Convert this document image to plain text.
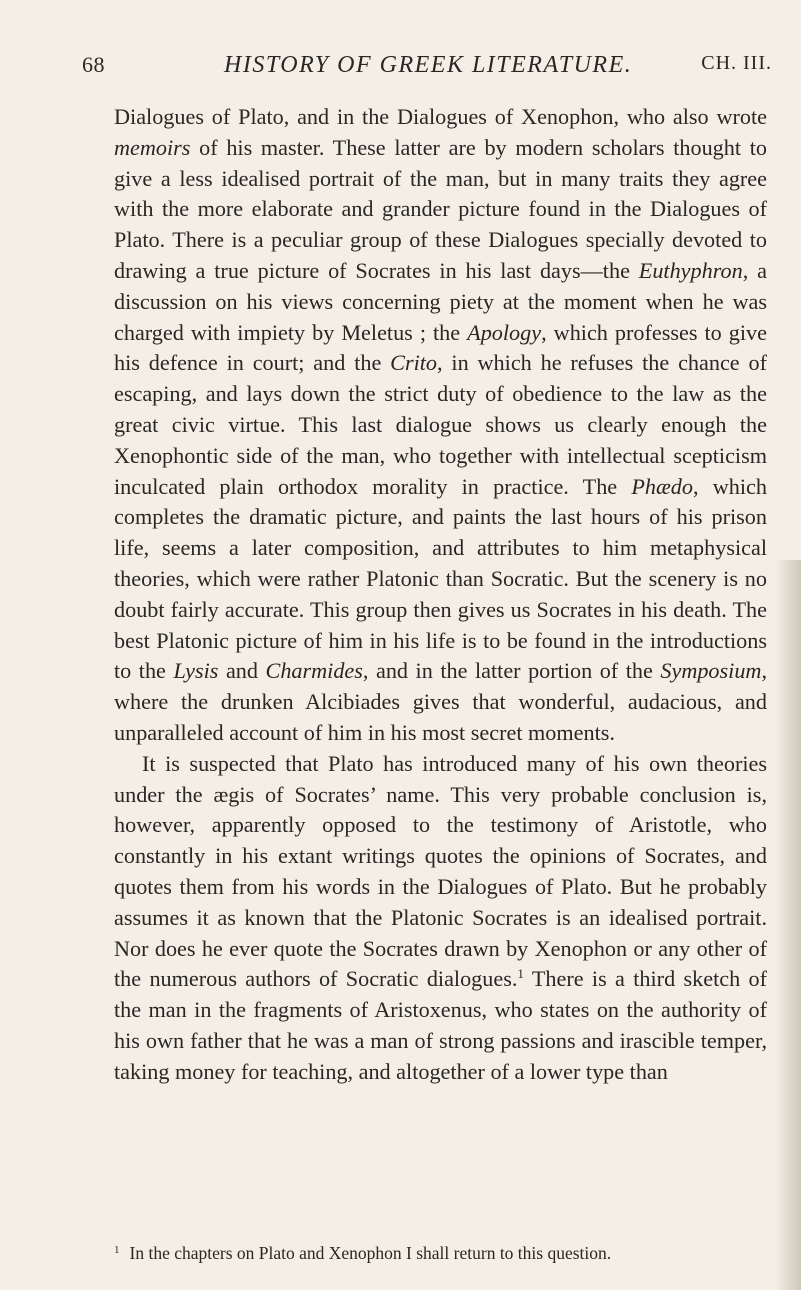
68	HISTORY OF GREEK LITERATURE.	CH. III.

Dialogues of Plato, and in the Dialogues of Xenophon, who also wrote memoirs of his master. These latter are by modern scholars thought to give a less idealised portrait of the man, but in many traits they agree with the more elaborate and grander picture found in the Dialogues of Plato. There is a peculiar group of these Dialogues specially devoted to drawing a true picture of Socrates in his last days—the Euthyphron, a discussion on his views concerning piety at the moment when he was charged with impiety by Meletus ; the Apology, which professes to give his defence in court; and the Crito, in which he refuses the chance of escaping, and lays down the strict duty of obedience to the law as the great civic virtue. This last dialogue shows us clearly enough the Xenophontic side of the man, who together with intellectual scepticism inculcated plain orthodox morality in practice. The Phædo, which completes the dramatic picture, and paints the last hours of his prison life, seems a later composition, and attributes to him metaphysical theories, which were rather Platonic than Socratic. But the scenery is no doubt fairly accurate. This group then gives us Socrates in his death. The best Platonic picture of him in his life is to be found in the introductions to the Lysis and Charmides, and in the latter portion of the Symposium, where the drunken Alcibiades gives that wonderful, audacious, and unparalleled account of him in his most secret moments.

It is suspected that Plato has introduced many of his own theories under the ægis of Socrates’ name. This very probable conclusion is, however, apparently opposed to the testimony of Aristotle, who constantly in his extant writings quotes the opinions of Socrates, and quotes them from his words in the Dialogues of Plato. But he probably assumes it as known that the Platonic Socrates is an idealised portrait. Nor does he ever quote the Socrates drawn by Xenophon or any other of the numerous authors of Socratic dialogues.$^1$ There is a third sketch of the man in the fragments of Aristoxenus, who states on the authority of his own father that he was a man of strong passions and irascible temper, taking money for teaching, and altogether of a lower type than

$^1$ In the chapters on Plato and Xenophon I shall return to this question.
